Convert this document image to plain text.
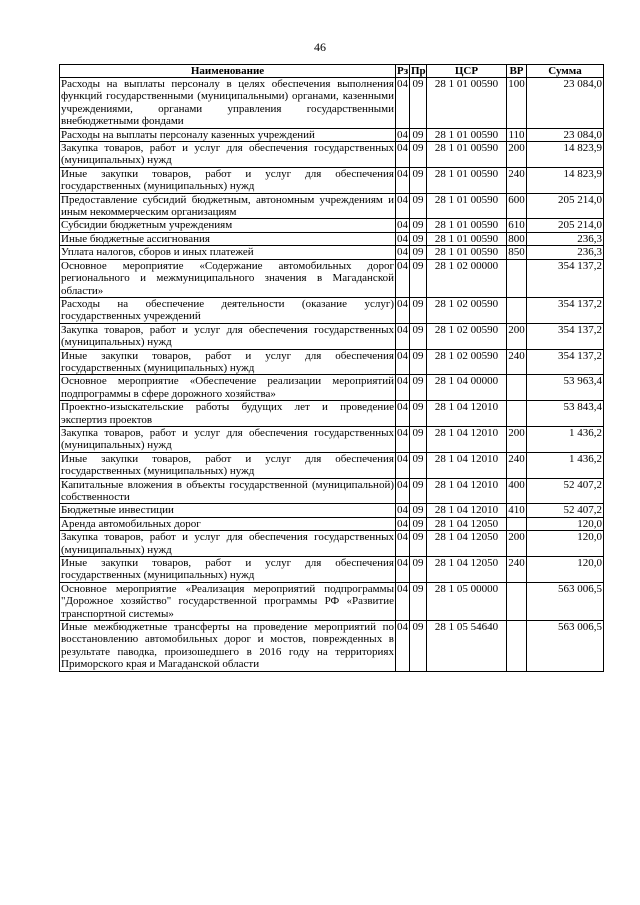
46
Наименование	Рз	Пр	ЦСР	ВР	Сумма
Расходы на выплаты персоналу в целях обеспечения выполнения функций государственными (муниципальными) органами, казенными учреждениями, органами управления государственными внебюджетными фондами	04	09	28 1 01 00590	100	23 084,0
Расходы на выплаты персоналу казенных учреждений	04	09	28 1 01 00590	110	23 084,0
Закупка товаров, работ и услуг для обеспечения государственных (муниципальных) нужд	04	09	28 1 01 00590	200	14 823,9
Иные закупки товаров, работ и услуг для обеспечения государственных (муниципальных) нужд	04	09	28 1 01 00590	240	14 823,9
Предоставление субсидий бюджетным, автономным учреждениям и иным некоммерческим организациям	04	09	28 1 01 00590	600	205 214,0
Субсидии бюджетным учреждениям	04	09	28 1 01 00590	610	205 214,0
Иные бюджетные ассигнования	04	09	28 1 01 00590	800	236,3
Уплата налогов, сборов и иных платежей	04	09	28 1 01 00590	850	236,3
Основное мероприятие «Содержание автомобильных дорог регионального и межмуниципального значения в Магаданской области»	04	09	28 1 02 00000		354 137,2
Расходы на обеспечение деятельности (оказание услуг) государственных учреждений	04	09	28 1 02 00590		354 137,2
Закупка товаров, работ и услуг для обеспечения государственных (муниципальных) нужд	04	09	28 1 02 00590	200	354 137,2
Иные закупки товаров, работ и услуг для обеспечения государственных (муниципальных) нужд	04	09	28 1 02 00590	240	354 137,2
Основное мероприятие «Обеспечение реализации мероприятий подпрограммы в сфере дорожного хозяйства»	04	09	28 1 04 00000		53 963,4
Проектно-изыскательские работы будущих лет и проведение экспертиз проектов	04	09	28 1 04 12010		53 843,4
Закупка товаров, работ и услуг для обеспечения государственных (муниципальных) нужд	04	09	28 1 04 12010	200	1 436,2
Иные закупки товаров, работ и услуг для обеспечения государственных (муниципальных) нужд	04	09	28 1 04 12010	240	1 436,2
Капитальные вложения в объекты государственной (муниципальной) собственности	04	09	28 1 04 12010	400	52 407,2
Бюджетные инвестиции	04	09	28 1 04 12010	410	52 407,2
Аренда автомобильных дорог	04	09	28 1 04 12050		120,0
Закупка товаров, работ и услуг для обеспечения государственных (муниципальных) нужд	04	09	28 1 04 12050	200	120,0
Иные закупки товаров, работ и услуг для обеспечения государственных (муниципальных) нужд	04	09	28 1 04 12050	240	120,0
Основное мероприятие «Реализация мероприятий подпрограммы "Дорожное хозяйство" государственной программы РФ «Развитие транспортной системы»	04	09	28 1 05 00000		563 006,5
Иные межбюджетные трансферты на проведение мероприятий по восстановлению автомобильных дорог и мостов, поврежденных в результате паводка, произошедшего в 2016 году на территориях Приморского края и Магаданской области	04	09	28 1 05 54640		563 006,5
